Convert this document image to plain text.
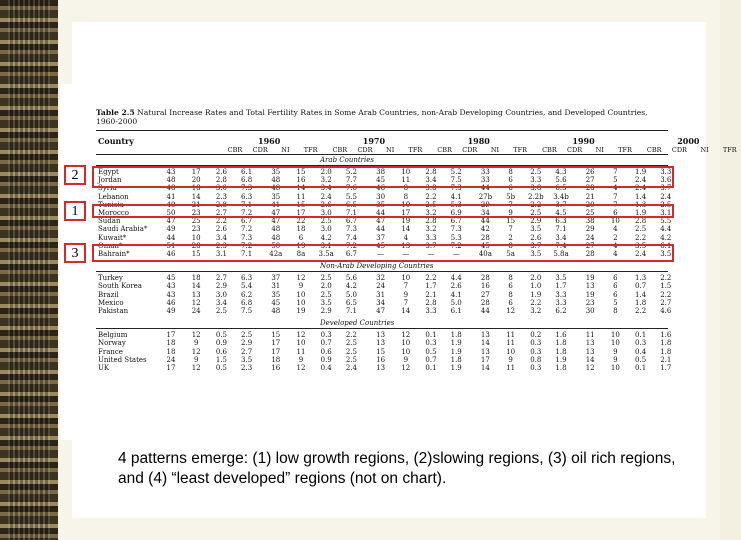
Table 2.5 Natural Increase Rates and Total Fertility Rates in Some Arab Countries, non-Arab Developing Countries, and Developed Countries,
1960-2000
Country	1960	1970	1980	1990	2000
CBR	CDR	NI	TFR	CBR	CDR	NI	TFR	CBR	CDR	NI	TFR	CBR	CDR	NI	TFR	CBR	CDR	NI	TFR
Arab Countries
Egypt	43	17	2.6	6.1	35	15	2.0	5.2	38	10	2.8	5.2	33	8	2.5	4.3	26	7	1.9	3.3
Jordan	48	20	2.8	6.8	48	16	3.2	7.7	45	11	3.4	7.5	33	6	3.3	5.6	27	5	2.4	3.6
Syria	48	18	3.0	7.3	48	14	3.4	7.6	46	8	3.8	7.3	44	6	3.8	6.5	28	4	2.4	3.7
Lebanon	41	14	2.3	6.3	35	11	2.4	5.5	30	8	2.2	4.1	27b	5b	2.2b	3.4b	21	7	1.4	2.4
Tunisia	49	21	2.8	7.1	41	15	2.6	6.5	35	10	2.5	5.3	29	7	2.2	3.7	20	7	1.3	2.5
Morocco	50	23	2.7	7.2	47	17	3.0	7.1	44	17	3.2	6.9	34	9	2.5	4.5	25	6	1.9	3.1
Sudan	47	25	2.2	6.7	47	22	2.5	6.7	47	19	2.8	6.7	44	15	2.9	6.3	38	10	2.8	5.5
Saudi Arabia*	49	23	2.6	7.2	48	18	3.0	7.3	44	14	3.2	7.3	42	7	3.5	7.1	29	4	2.5	4.4
Kuwait*	44	10	3.4	7.3	48	6	4.2	7.4	37	4	3.3	5.3	28	2	2.6	3.4	24	2	2.2	4.2
Oman*	51	28	2.3	7.2	50	19	3.1	7.2	45	13	3.7	7.2	45	8	3.7	7.4	27	4	3.5	6.1
Bahrain*	46	15	3.1	7.1	42a	8a	3.5a	6.7	—	—	—	—	40a	5a	3.5	5.8a	28	4	2.4	3.5
Non-Arab Developing Countries
Turkey	45	18	2.7	6.3	37	12	2.5	5.6	32	10	2.2	4.4	28	8	2.0	3.5	19	6	1.3	2.2
South Korea	43	14	2.9	5.4	31	9	2.0	4.2	24	7	1.7	2.6	16	6	1.0	1.7	13	6	0.7	1.5
Brazil	43	13	3.0	6.2	35	10	2.5	5.0	31	9	2.1	4.1	27	8	1.9	3.3	19	6	1.4	2.2
Mexico	46	12	3.4	6.8	45	10	3.5	6.5	34	7	2.8	5.0	28	6	2.2	3.3	23	5	1.8	2.7
Pakistan	49	24	2.5	7.5	48	19	2.9	7.1	47	14	3.3	6.1	44	12	3.2	6.2	30	8	2.2	4.6
Developed Countries
Belgium	17	12	0.5	2.5	15	12	0.3	2.2	13	12	0.1	1.8	13	11	0.2	1.6	11	10	0.1	1.6
Norway	18	9	0.9	2.9	17	10	0.7	2.5	13	10	0.3	1.9	14	11	0.3	1.8	13	10	0.3	1.8
France	18	12	0.6	2.7	17	11	0.6	2.5	15	10	0.5	1.9	13	10	0.3	1.8	13	9	0.4	1.8
United States	24	9	1.5	3.5	18	9	0.9	2.5	16	9	0.7	1.8	17	9	0.8	1.9	14	9	0.5	2.1
UK	17	12	0.5	2.3	16	12	0.4	2.4	13	12	0.1	1.9	14	11	0.3	1.8	12	10	0.1	1.7
2
1
3
4 patterns emerge: (1) low growth regions, (2)slowing regions, (3) oil rich regions, and (4) “least developed” regions (not on chart).
